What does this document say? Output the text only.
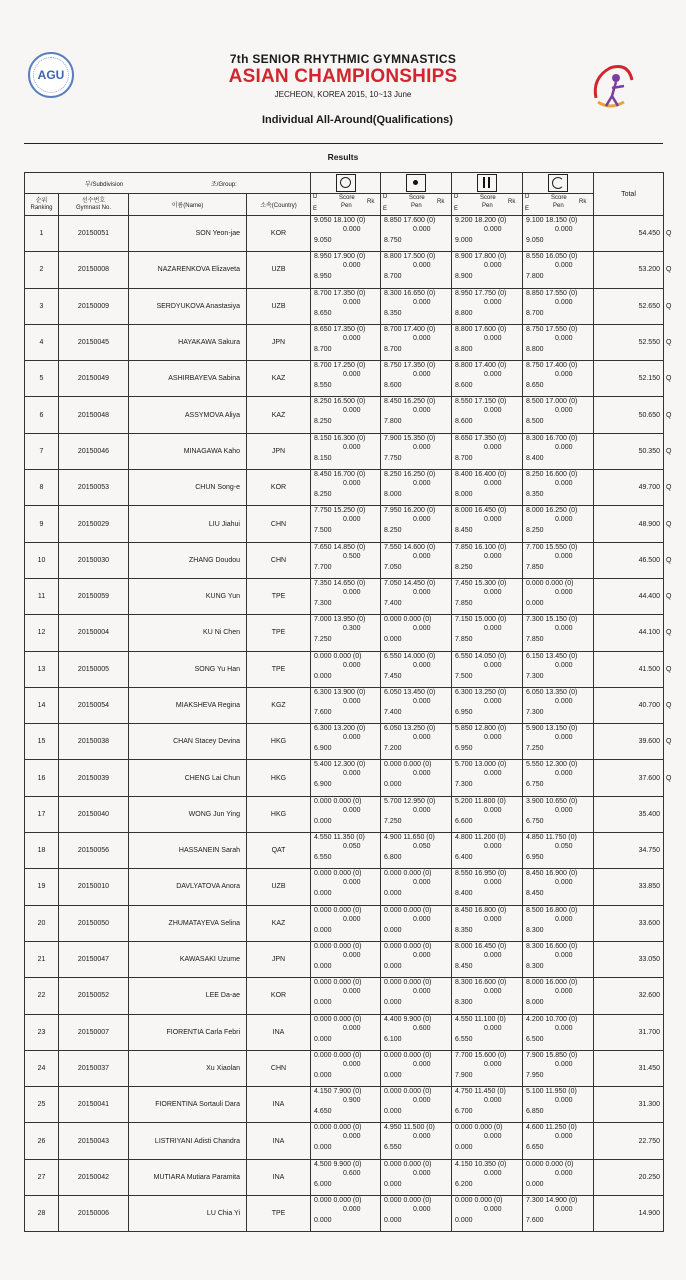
AGU
7th SENIOR RHYTHMIC GYMNASTICS
ASIAN CHAMPIONSHIPS
JECHEON, KOREA 2015, 10~13 June
Individual All-Around(Qualifications)
Results
부/Subdivision 조/Group:								Total
순위
Ranking	선수번호
Gymnast No.	이름(Name)	소속(Country)	D
E
Score
Pen
Rk	D
E
Score
Pen
Rk	D
E
Score
Pen
Rk	D
E
Score
Pen
Rk	

1	20150051	SON Yeon-jae	KOR	9.050 18.100 (0)
0.000
9.050	8.850 17.600 (0)
0.000
8.750	9.200 18.200 (0)
0.000
9.000	9.100 18.150 (0)
0.000
9.050	54.450 Q

2	20150008	NAZARENKOVA Elizaveta	UZB	8.950 17.900 (0)
0.000
8.950	8.800 17.500 (0)
0.000
8.700	8.900 17.800 (0)
0.000
8.900	8.550 16.050 (0)
0.000
7.800	53.200 Q

3	20150009	SERDYUKOVA Anastasiya	UZB	8.700 17.350 (0)
0.000
8.650	8.300 16.650 (0)
0.000
8.350	8.950 17.750 (0)
0.000
8.800	8.850 17.550 (0)
0.000
8.700	52.650 Q

4	20150045	HAYAKAWA Sakura	JPN	8.650 17.350 (0)
0.000
8.700	8.700 17.400 (0)
0.000
8.700	8.800 17.600 (0)
0.000
8.800	8.750 17.550 (0)
0.000
8.800	52.550 Q

5	20150049	ASHIRBAYEVA Sabina	KAZ	8.700 17.250 (0)
0.000
8.550	8.750 17.350 (0)
0.000
8.600	8.800 17.400 (0)
0.000
8.600	8.750 17.400 (0)
0.000
8.650	52.150 Q

6	20150048	ASSYMOVA Aliya	KAZ	8.250 16.500 (0)
0.000
8.250	8.450 16.250 (0)
0.000
7.800	8.550 17.150 (0)
0.000
8.600	8.500 17.000 (0)
0.000
8.500	50.650 Q

7	20150046	MINAGAWA Kaho	JPN	8.150 16.300 (0)
0.000
8.150	7.900 15.350 (0)
0.000
7.750	8.650 17.350 (0)
0.000
8.700	8.300 16.700 (0)
0.000
8.400	50.350 Q

8	20150053	CHUN Song-e	KOR	8.450 16.700 (0)
0.000
8.250	8.250 16.250 (0)
0.000
8.000	8.400 16.400 (0)
0.000
8.000	8.250 16.600 (0)
0.000
8.350	49.700 Q

9	20150029	LIU Jiahui	CHN	7.750 15.250 (0)
0.000
7.500	7.950 16.200 (0)
0.000
8.250	8.000 16.450 (0)
0.000
8.450	8.000 16.250 (0)
0.000
8.250	48.900 Q

10	20150030	ZHANG Doudou	CHN	7.650 14.850 (0)
0.500
7.700	7.550 14.600 (0)
0.000
7.050	7.850 16.100 (0)
0.000
8.250	7.700 15.550 (0)
0.000
7.850	46.500 Q

11	20150059	KUNG Yun	TPE	7.350 14.650 (0)
0.000
7.300	7.050 14.450 (0)
0.000
7.400	7.450 15.300 (0)
0.000
7.850	0.000 0.000 (0)
0.000
0.000	44.400 Q

12	20150004	KU Ni Chen	TPE	7.000 13.950 (0)
0.300
7.250	0.000 0.000 (0)
0.000
0.000	7.150 15.000 (0)
0.000
7.850	7.300 15.150 (0)
0.000
7.850	44.100 Q

13	20150005	SONG Yu Han	TPE	0.000 0.000 (0)
0.000
0.000	6.550 14.000 (0)
0.000
7.450	6.550 14.050 (0)
0.000
7.500	6.150 13.450 (0)
0.000
7.300	41.500 Q

14	20150054	MIAKSHEVA Regina	KGZ	6.300 13.900 (0)
0.000
7.600	6.050 13.450 (0)
0.000
7.400	6.300 13.250 (0)
0.000
6.950	6.050 13.350 (0)
0.000
7.300	40.700 Q

15	20150038	CHAN Stacey Devina	HKG	6.300 13.200 (0)
0.000
6.900	6.050 13.250 (0)
0.000
7.200	5.850 12.800 (0)
0.000
6.950	5.900 13.150 (0)
0.000
7.250	39.600 Q

16	20150039	CHENG Lai Chun	HKG	5.400 12.300 (0)
0.000
6.900	0.000 0.000 (0)
0.000
0.000	5.700 13.000 (0)
0.000
7.300	5.550 12.300 (0)
0.000
6.750	37.600 Q

17	20150040	WONG Jun Ying	HKG	0.000 0.000 (0)
0.000
0.000	5.700 12.950 (0)
0.000
7.250	5.200 11.800 (0)
0.000
6.600	3.900 10.650 (0)
0.000
6.750	35.400

18	20150056	HASSANEIN Sarah	QAT	4.550 11.350 (0)
0.050
6.550	4.900 11.650 (0)
0.050
6.800	4.800 11.200 (0)
0.000
6.400	4.850 11.750 (0)
0.050
6.950	34.750

19	20150010	DAVLYATOVA Anora	UZB	0.000 0.000 (0)
0.000
0.000	0.000 0.000 (0)
0.000
0.000	8.550 16.950 (0)
0.000
8.400	8.450 16.900 (0)
0.000
8.450	33.850

20	20150050	ZHUMATAYEVA Selina	KAZ	0.000 0.000 (0)
0.000
0.000	0.000 0.000 (0)
0.000
0.000	8.450 16.800 (0)
0.000
8.350	8.500 16.800 (0)
0.000
8.300	33.600

21	20150047	KAWASAKI Uzume	JPN	0.000 0.000 (0)
0.000
0.000	0.000 0.000 (0)
0.000
0.000	8.000 16.450 (0)
0.000
8.450	8.300 16.600 (0)
0.000
8.300	33.050

22	20150052	LEE Da-ae	KOR	0.000 0.000 (0)
0.000
0.000	0.000 0.000 (0)
0.000
0.000	8.300 16.600 (0)
0.000
8.300	8.000 16.000 (0)
0.000
8.000	32.600

23	20150007	FIORENTIA Carla Febri	INA	0.000 0.000 (0)
0.000
0.000	4.400 9.900 (0)
0.600
6.100	4.550 11.100 (0)
0.000
6.550	4.200 10.700 (0)
0.000
6.500	31.700

24	20150037	Xu Xiaolan	CHN	0.000 0.000 (0)
0.000
0.000	0.000 0.000 (0)
0.000
0.000	7.700 15.600 (0)
0.000
7.900	7.900 15.850 (0)
0.000
7.950	31.450

25	20150041	FIORENTINA Sortauli Dara	INA	4.150 7.900 (0)
0.900
4.650	0.000 0.000 (0)
0.000
0.000	4.750 11.450 (0)
0.000
6.700	5.100 11.950 (0)
0.000
6.850	31.300

26	20150043	LISTRIYANI Adisti Chandra	INA	0.000 0.000 (0)
0.000
0.000	4.950 11.500 (0)
0.000
6.550	0.000 0.000 (0)
0.000
0.000	4.600 11.250 (0)
0.000
6.650	22.750

27	20150042	MUTIARA Mutiara Paramita	INA	4.500 9.900 (0)
0.600
6.000	0.000 0.000 (0)
0.000
0.000	4.150 10.350 (0)
0.000
6.200	0.000 0.000 (0)
0.000
0.000	20.250

28	20150006	LU Chia Yi	TPE	0.000 0.000 (0)
0.000
0.000	0.000 0.000 (0)
0.000
0.000	0.000 0.000 (0)
0.000
0.000	7.300 14.900 (0)
0.000
7.600	14.900
